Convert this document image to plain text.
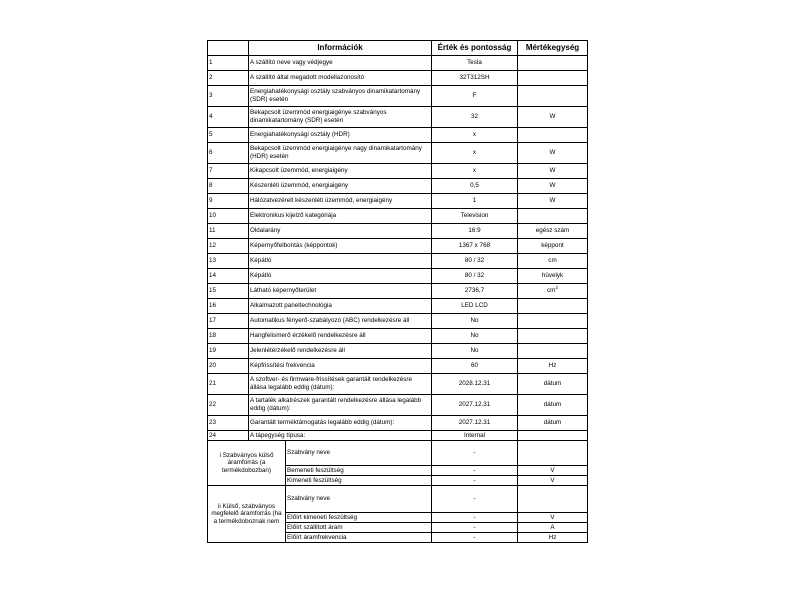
	Információk		Érték és pontosság	Mértékegység
1	A szállító neve vagy védjegye		Tesla	
2	A szállító által megadott modellazonosító		32T312SH	
3	Energiahatékonysági osztály szabványos dinamikatartomány (SDR) esetén		F	
4	Bekapcsolt üzemmód energiaigénye szabványos dinamikatartomány (SDR) esetén		32	W
5	Energiahatékonysági osztály (HDR)		x	
6	Bekapcsolt üzemmód energiaigénye nagy dinamikatartomány (HDR) esetén		x	W
7	Kikapcsolt üzemmód, energiaigény		x	W
8	Készenléti üzemmód, energiaigény		0,5	W
9	Hálózatvezérelt készenléti üzemmód, energiaigény		1	W
10	Elektronikus kijelző kategóriája		Television	
11	Oldalarány		16:9	egész szám
12	Képernyőfelbontás (képpontok)		1367 x 768	képpont
13	Képátló		80 / 32	cm
14	Képátló		80 / 32	hüvelyk
15	Látható képernyőterület		2736,7	$cm^2$
16	Alkalmazott paneltechnológia		LED LCD	
17	Automatikus fényerő-szabályozó (ABC) rendelkezésre áll		No	
18	Hangfelismerő érzékelő rendelkezésre áll		No	
19	Jelenlétérzékelő rendelkezésre áll		No	
20	Képfrissítési frekvencia		60	Hz
21	A szoftver- és firmware-frissítések garantált rendelkezésre állása legalább eddig (dátum):		2028.12.31	dátum
22	A tartalék alkatrészek garantált rendelkezésre állása legalább eddig (dátum):		2027.12.31	dátum
23	Garantált terméktámogatás legalább eddig (dátum):		2027.12.31	dátum
24	A tápegység típusa:		Internal	
i Szabványos külső áramforrás (a termékdobozban)		Szabvány neve	-	
		Bemeneti feszültség	-	V
		Kimeneti feszültség	-	V
ii Külső, szabványos megfelelő áramforrás (ha a termékdoboznak nem		Szabvány neve	-	
		Előírt kimeneti feszültség	-	V
		Előírt szállított áram	-	A
		Előírt áramfrekvencia	-	Hz
